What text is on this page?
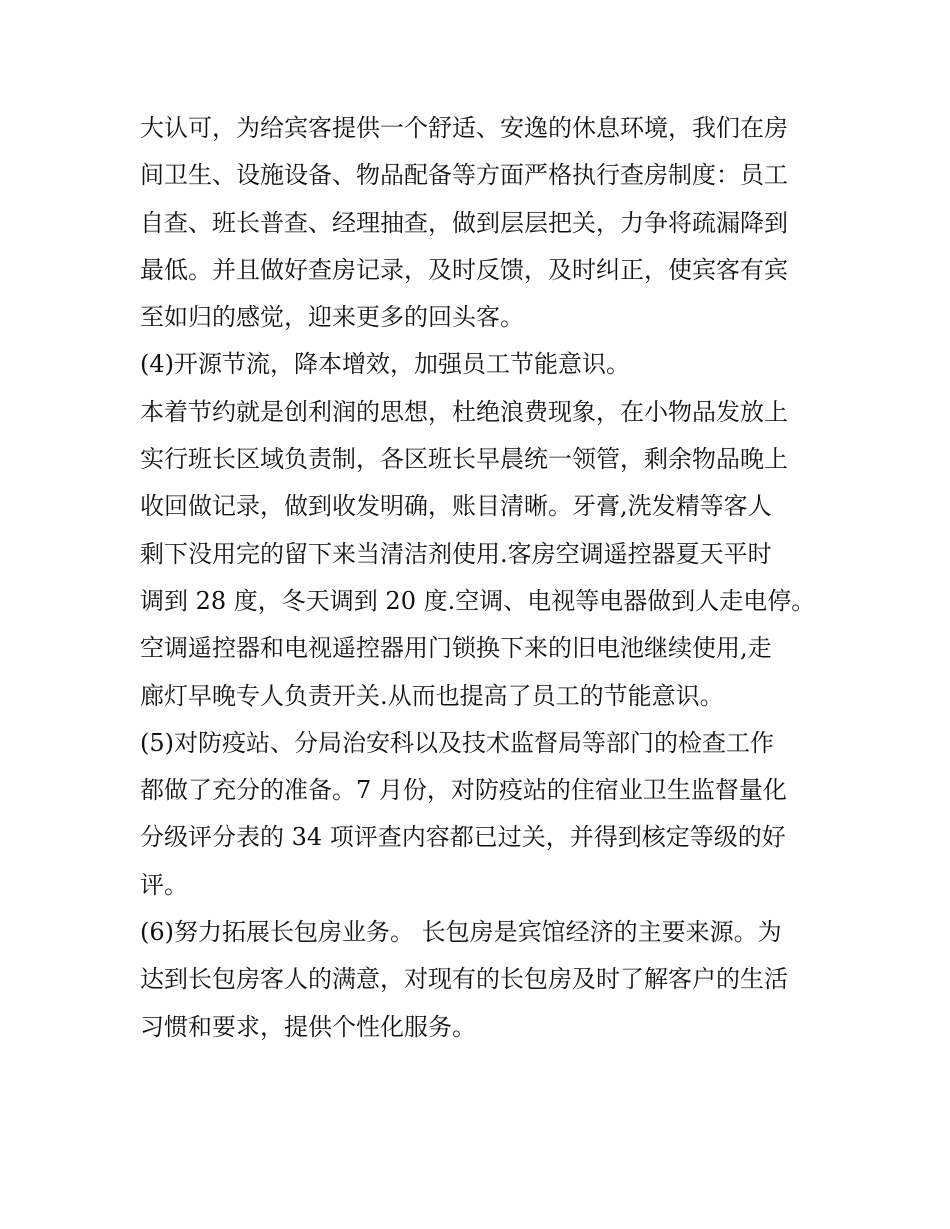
大认可，为给宾客提供一个舒适、安逸的休息环境，我们在房
间卫生、设施设备、物品配备等方面严格执行查房制度：员工
自查、班长普查、经理抽查，做到层层把关，力争将疏漏降到
最低。并且做好查房记录，及时反馈，及时纠正，使宾客有宾
至如归的感觉，迎来更多的回头客。
(4)开源节流，降本增效，加强员工节能意识。
本着节约就是创利润的思想，杜绝浪费现象，在小物品发放上
实行班长区域负责制，各区班长早晨统一领管，剩余物品晚上
收回做记录，做到收发明确，账目清晰。牙膏,洗发精等客人
剩下没用完的留下来当清洁剂使用.客房空调遥控器夏天平时
调到 28 度，冬天调到 20 度.空调、电视等电器做到人走电停。
空调遥控器和电视遥控器用门锁换下来的旧电池继续使用,走
廊灯早晚专人负责开关.从而也提高了员工的节能意识。
(5)对防疫站、分局治安科以及技术监督局等部门的检查工作
都做了充分的准备。7 月份，对防疫站的住宿业卫生监督量化
分级评分表的 34 项评查内容都已过关，并得到核定等级的好
评。
(6)努力拓展长包房业务。 长包房是宾馆经济的主要来源。为
达到长包房客人的满意，对现有的长包房及时了解客户的生活
习惯和要求，提供个性化服务。
